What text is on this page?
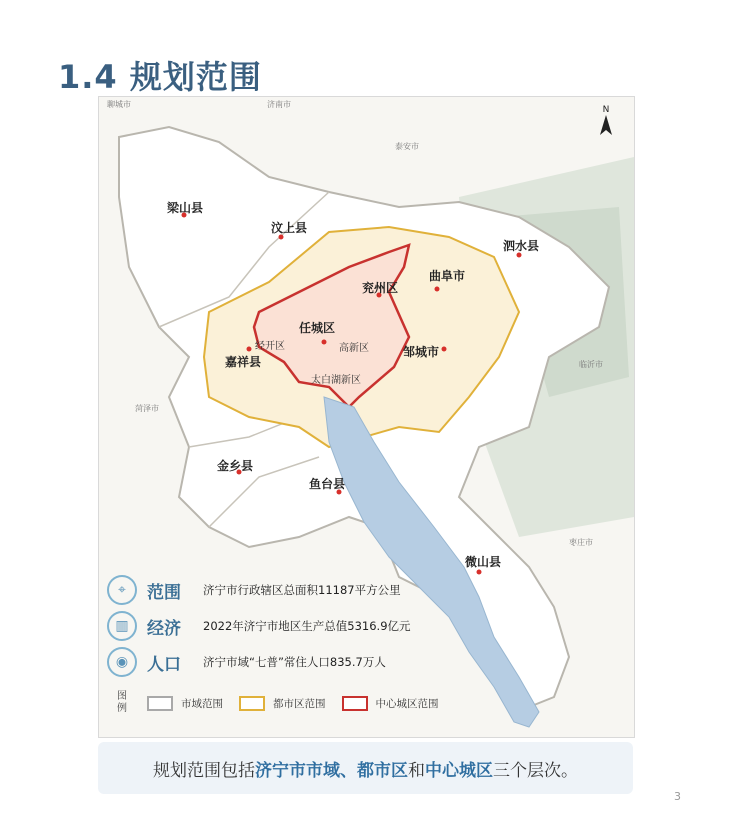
1.4 规划范围
N
梁山县
汶上县
泗水县
曲阜市
兖州区
任城区
经开区	高新区
嘉祥县
邹城市
太白湖新区
金乡县
鱼台县
微山县
聊城市	济南市
泰安市
菏泽市
临沂市
枣庄市
⌖	范围	济宁市行政辖区总面积11187平方公里
▥	经济	2022年济宁市地区生产总值5316.9亿元
◉	人口	济宁市域“七普”常住人口835.7万人
图例	市域范围	都市区范围	中心城区范围
规划范围包括 济宁市市域 、 都市区 和 中心城区 三个层次。
3
